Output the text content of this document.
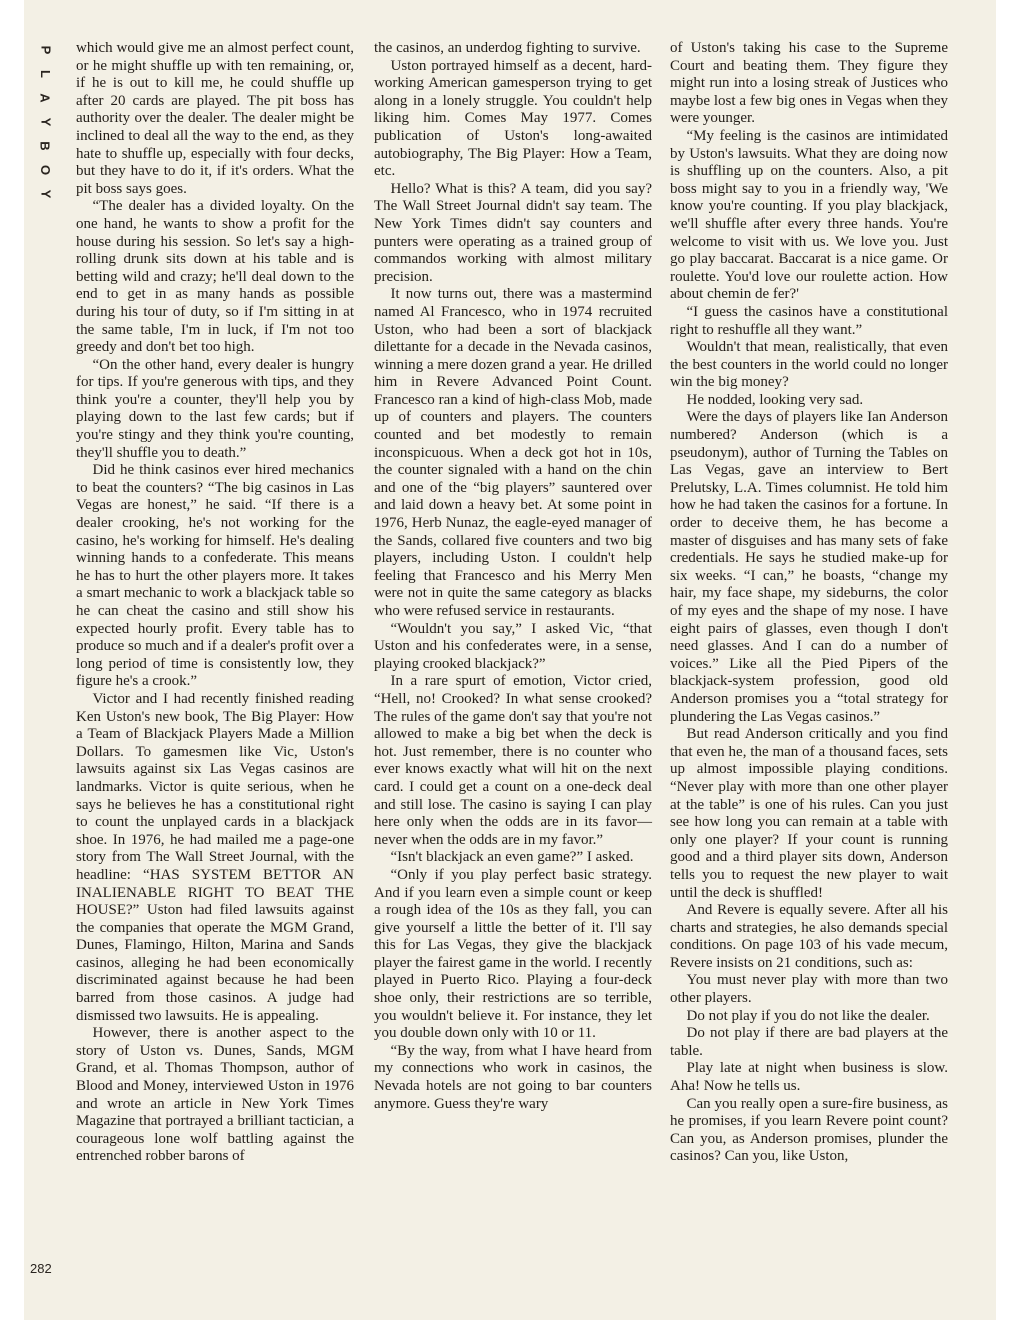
P
L
A
Y
B
O
Y
282

which would give me an almost perfect count, or he might shuffle up with ten remaining, or, if he is out to kill me, he could shuffle up after 20 cards are played. The pit boss has authority over the dealer. The dealer might be inclined to deal all the way to the end, as they hate to shuffle up, especially with four decks, but they have to do it, if it's orders. What the pit boss says goes.

“The dealer has a divided loyalty. On the one hand, he wants to show a profit for the house during his session. So let's say a high-rolling drunk sits down at his table and is betting wild and crazy; he'll deal down to the end to get in as many hands as possible during his tour of duty, so if I'm sitting in at the same table, I'm in luck, if I'm not too greedy and don't bet too high.

“On the other hand, every dealer is hungry for tips. If you're generous with tips, and they think you're a counter, they'll help you by playing down to the last few cards; but if you're stingy and they think you're counting, they'll shuffle you to death.”

Did he think casinos ever hired mechanics to beat the counters? “The big casinos in Las Vegas are honest,” he said. “If there is a dealer crooking, he's not working for the casino, he's working for himself. He's dealing winning hands to a confederate. This means he has to hurt the other players more. It takes a smart mechanic to work a blackjack table so he can cheat the casino and still show his expected hourly profit. Every table has to produce so much and if a dealer's profit over a long period of time is consistently low, they figure he's a crook.”

Victor and I had recently finished reading Ken Uston's new book, The Big Player: How a Team of Blackjack Players Made a Million Dollars. To gamesmen like Vic, Uston's lawsuits against six Las Vegas casinos are landmarks. Victor is quite serious, when he says he believes he has a constitutional right to count the unplayed cards in a blackjack shoe. In 1976, he had mailed me a page-one story from The Wall Street Journal, with the headline: “HAS SYSTEM BETTOR AN INALIENABLE RIGHT TO BEAT THE HOUSE?” Uston had filed lawsuits against the companies that operate the MGM Grand, Dunes, Flamingo, Hilton, Marina and Sands casinos, alleging he had been economically discriminated against because he had been barred from those casinos. A judge had dismissed two lawsuits. He is appealing.

However, there is another aspect to the story of Uston vs. Dunes, Sands, MGM Grand, et al. Thomas Thompson, author of Blood and Money, interviewed Uston in 1976 and wrote an article in New York Times Magazine that portrayed a brilliant tactician, a courageous lone wolf battling against the entrenched robber barons of

the casinos, an underdog fighting to survive.

Uston portrayed himself as a decent, hard-working American gamesperson trying to get along in a lonely struggle. You couldn't help liking him. Comes May 1977. Comes publication of Uston's long-awaited autobiography, The Big Player: How a Team, etc.

Hello? What is this? A team, did you say? The Wall Street Journal didn't say team. The New York Times didn't say counters and punters were operating as a trained group of commandos working with almost military precision.

It now turns out, there was a mastermind named Al Francesco, who in 1974 recruited Uston, who had been a sort of blackjack dilettante for a decade in the Nevada casinos, winning a mere dozen grand a year. He drilled him in Revere Advanced Point Count. Francesco ran a kind of high-class Mob, made up of counters and players. The counters counted and bet modestly to remain inconspicuous. When a deck got hot in 10s, the counter signaled with a hand on the chin and one of the “big players” sauntered over and laid down a heavy bet. At some point in 1976, Herb Nunaz, the eagle-eyed manager of the Sands, collared five counters and two big players, including Uston. I couldn't help feeling that Francesco and his Merry Men were not in quite the same category as blacks who were refused service in restaurants.

“Wouldn't you say,” I asked Vic, “that Uston and his confederates were, in a sense, playing crooked blackjack?”

In a rare spurt of emotion, Victor cried, “Hell, no! Crooked? In what sense crooked? The rules of the game don't say that you're not allowed to make a big bet when the deck is hot. Just remember, there is no counter who ever knows exactly what will hit on the next card. I could get a count on a one-deck deal and still lose. The casino is saying I can play here only when the odds are in its favor—never when the odds are in my favor.”

“Isn't blackjack an even game?” I asked.

“Only if you play perfect basic strategy. And if you learn even a simple count or keep a rough idea of the 10s as they fall, you can give yourself a little the better of it. I'll say this for Las Vegas, they give the blackjack player the fairest game in the world. I recently played in Puerto Rico. Playing a four-deck shoe only, their restrictions are so terrible, you wouldn't believe it. For instance, they let you double down only with 10 or 11.

“By the way, from what I have heard from my connections who work in casinos, the Nevada hotels are not going to bar counters anymore. Guess they're wary

of Uston's taking his case to the Supreme Court and beating them. They figure they might run into a losing streak of Justices who maybe lost a few big ones in Vegas when they were younger.

“My feeling is the casinos are intimidated by Uston's lawsuits. What they are doing now is shuffling up on the counters. Also, a pit boss might say to you in a friendly way, 'We know you're counting. If you play blackjack, we'll shuffle after every three hands. You're welcome to visit with us. We love you. Just go play baccarat. Baccarat is a nice game. Or roulette. You'd love our roulette action. How about chemin de fer?'

“I guess the casinos have a constitutional right to reshuffle all they want.”

Wouldn't that mean, realistically, that even the best counters in the world could no longer win the big money?

He nodded, looking very sad.

Were the days of players like Ian Anderson numbered? Anderson (which is a pseudonym), author of Turning the Tables on Las Vegas, gave an interview to Bert Prelutsky, L.A. Times columnist. He told him how he had taken the casinos for a fortune. In order to deceive them, he has become a master of disguises and has many sets of fake credentials. He says he studied make-up for six weeks. “I can,” he boasts, “change my hair, my face shape, my sideburns, the color of my eyes and the shape of my nose. I have eight pairs of glasses, even though I don't need glasses. And I can do a number of voices.” Like all the Pied Pipers of the blackjack-system profession, good old Anderson promises you a “total strategy for plundering the Las Vegas casinos.”

But read Anderson critically and you find that even he, the man of a thousand faces, sets up almost impossible playing conditions. “Never play with more than one other player at the table” is one of his rules. Can you just see how long you can remain at a table with only one player? If your count is running good and a third player sits down, Anderson tells you to request the new player to wait until the deck is shuffled!

And Revere is equally severe. After all his charts and strategies, he also demands special conditions. On page 103 of his vade mecum, Revere insists on 21 conditions, such as:

You must never play with more than two other players.

Do not play if you do not like the dealer.

Do not play if there are bad players at the table.

Play late at night when business is slow. Aha! Now he tells us.

Can you really open a sure-fire business, as he promises, if you learn Revere point count? Can you, as Anderson promises, plunder the casinos? Can you, like Uston,
